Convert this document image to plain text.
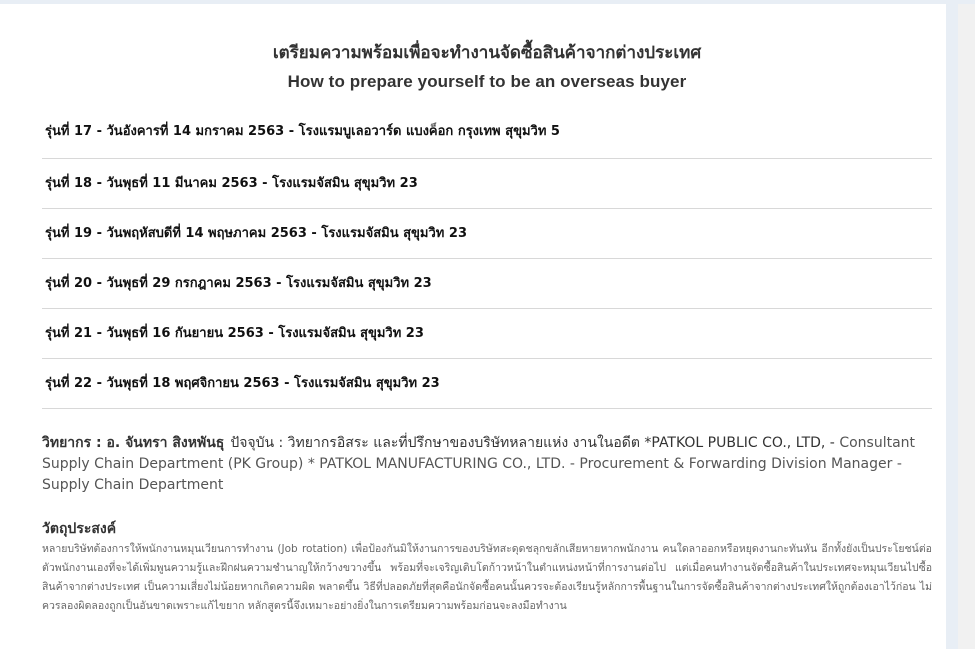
เตรียมความพร้อมเพื่อจะทำงานจัดซื้อสินค้าจากต่างประเทศ
How to prepare yourself to be an overseas buyer
รุ่นที่ 17 - วันอังคารที่ 14 มกราคม 2563 - โรงแรมบูเลอวาร์ด แบงค็อก กรุงเทพ สุขุมวิท 5
รุ่นที่ 18 - วันพุธที่ 11 มีนาคม 2563 - โรงแรมจัสมิน สุขุมวิท 23
รุ่นที่ 19 - วันพฤหัสบดีที่ 14 พฤษภาคม 2563 - โรงแรมจัสมิน สุขุมวิท 23
รุ่นที่ 20 - วันพุธที่ 29 กรกฎาคม 2563 - โรงแรมจัสมิน สุขุมวิท 23
รุ่นที่ 21 - วันพุธที่ 16 กันยายน 2563 - โรงแรมจัสมิน สุขุมวิท 23
รุ่นที่ 22 - วันพุธที่ 18 พฤศจิกายน 2563 - โรงแรมจัสมิน สุขุมวิท 23
วิทยากร : อ. จันทรา สิงหพันธุ ปัจจุบัน : วิทยากรอิสระ และที่ปรึกษาของบริษัทหลายแห่ง งานในอดีต *PATKOL PUBLIC CO., LTD, - Consultant Supply Chain Department (PK Group) * PATKOL MANUFACTURING CO., LTD. - Procurement & Forwarding Division Manager - Supply Chain Department
วัตถุประสงค์
หลายบริษัทต้องการให้พนักงานหมุนเวียนการทำงาน (Job rotation) เพื่อป้องกันมิให้งานการของบริษัทสะดุดชลุกขลักเสียหายหากพนักงาน คนใดลาออกหรือหยุดงานกะทันหัน อีกทั้งยังเป็นประโยชน์ต่อตัวพนักงานเองที่จะได้เพิ่มพูนความรู้และฝึกฝนความชำนาญให้กว้างขวางขึ้น พร้อมที่จะเจริญเติบโตก้าวหน้าในตำแหน่งหน้าที่การงานต่อไป แต่เมื่อคนทำงานจัดซื้อสินค้าในประเทศจะหมุนเวียนไปซื้อสินค้าจากต่างประเทศ เป็นความเสี่ยงไม่น้อยหากเกิดความผิด พลาดขึ้น วิธีที่ปลอดภัยที่สุดคือนักจัดซื้อคนนั้นควรจะต้องเรียนรู้หลักการพื้นฐานในการจัดซื้อสินค้าจากต่างประเทศให้ถูกต้องเอาไว้ก่อน ไม่ควรลองผิดลองถูกเป็นอันขาดเพราะแก้ไขยาก หลักสูตรนี้จึงเหมาะอย่างยิ่งในการเตรียมความพร้อมก่อนจะลงมือทำงาน
